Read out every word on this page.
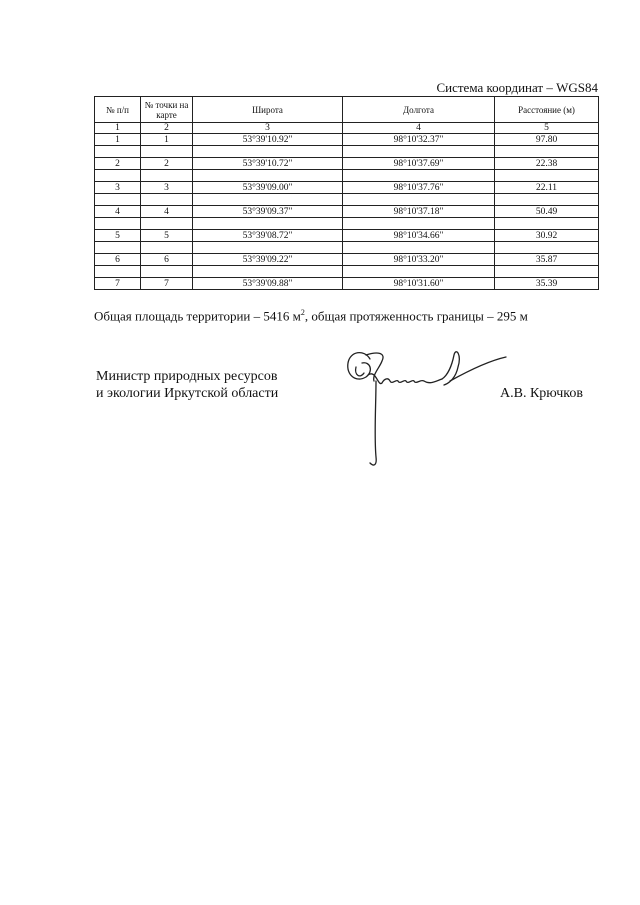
Система координат – WGS84
№ п/п	№ точки на карте	Широта	Долгота	Расстояние (м)
1	2	3	4	5
1	1	53°39'10.92"	98°10'32.37"	97.80

2	2	53°39'10.72"	98°10'37.69"	22.38

3	3	53°39'09.00"	98°10'37.76"	22.11

4	4	53°39'09.37"	98°10'37.18"	50.49

5	5	53°39'08.72"	98°10'34.66"	30.92

6	6	53°39'09.22"	98°10'33.20"	35.87

7	7	53°39'09.88"	98°10'31.60"	35.39
Общая площадь территории – 5416 $м^2$, общая протяженность границы – 295 м
Министр природных ресурсов
и экологии Иркутской области	А.В. Крючков
